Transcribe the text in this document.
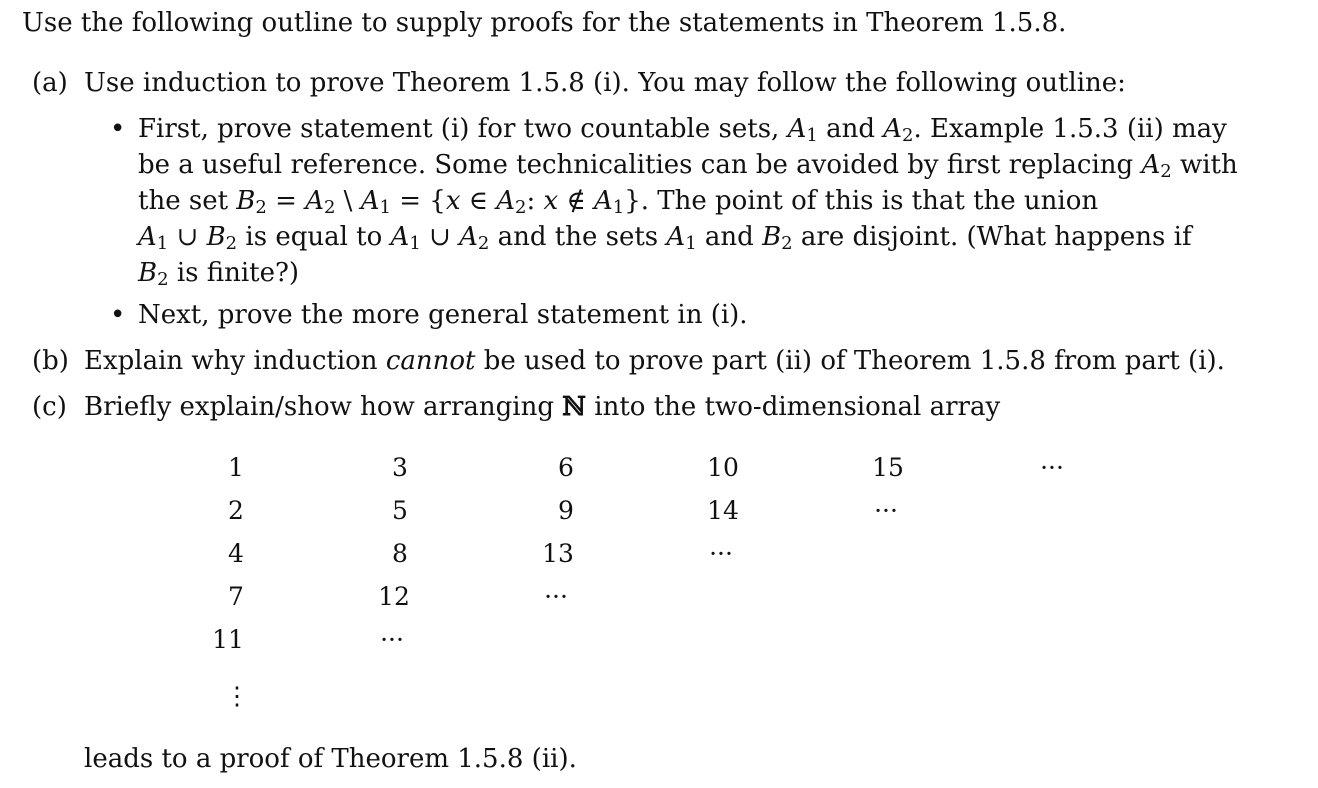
Use the following outline to supply proofs for the statements in Theorem 1.5.8.
(a) Use induction to prove Theorem 1.5.8 (i). You may follow the following outline:
• First, prove statement (i) for two countable sets, $A_1$ and $A_2$. Example 1.5.3 (ii) may
be a useful reference. Some technicalities can be avoided by first replacing $A_2$ with
the set $B_2 = A_2$ \ $A_1 = \{x$ ∈ $A_2$: x ∉ $A_1$}. The point of this is that the union
$A_1$ ∪ $B_2$ is equal to $A_1$ ∪ $A_2$ and the sets $A_1$ and $B_2$ are disjoint. (What happens if
$B_2$ is finite?)
• Next, prove the more general statement in (i).
(b) Explain why induction cannot be used to prove part (ii) of Theorem 1.5.8 from part (i).
(c) Briefly explain/show how arranging ℕ into the two-dimensional array
1	3	6	10	15	···
2	5	9	14	···
4	8	13	···
7	12	···
11	···
⋮
leads to a proof of Theorem 1.5.8 (ii).
